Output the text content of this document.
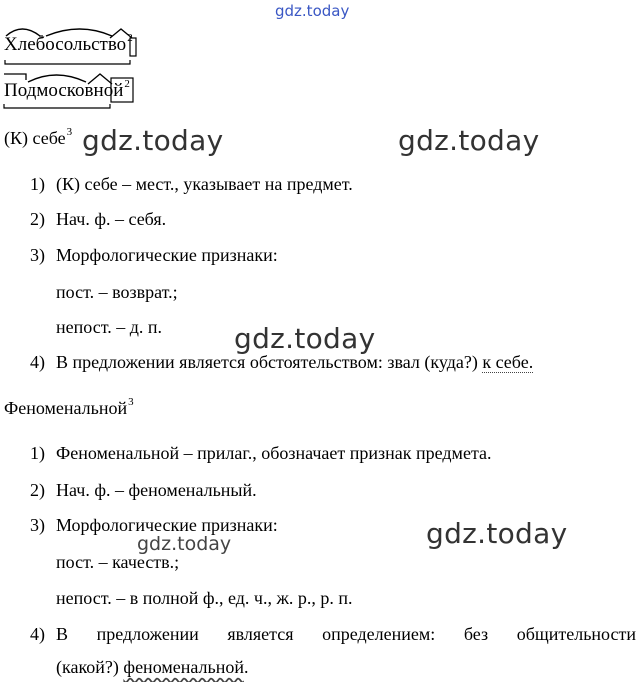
gdz.today
gdz.today	gdz.today
gdz.today
gdz.today
gdz.today
Хлебосольство$^2$
Подмосковной$^2$
(К) себе$^3$
1) (К) себе – мест., указывает на предмет.
2) Нач. ф. – себя.
3) Морфологические признаки:
пост. – возврат.;
непост. – д. п.
4) В предложении является обстоятельством: звал (куда?) к себе.
Феноменальной$^3$
1) Феноменальной – прилаг., обозначает признак предмета.
2) Нач. ф. – феноменальный.
3) Морфологические признаки:
пост. – качеств.;
непост. – в полной ф., ед. ч., ж. р., р. п.
4) В предложении является определением: без общительности
(какой?) феноменальной.
